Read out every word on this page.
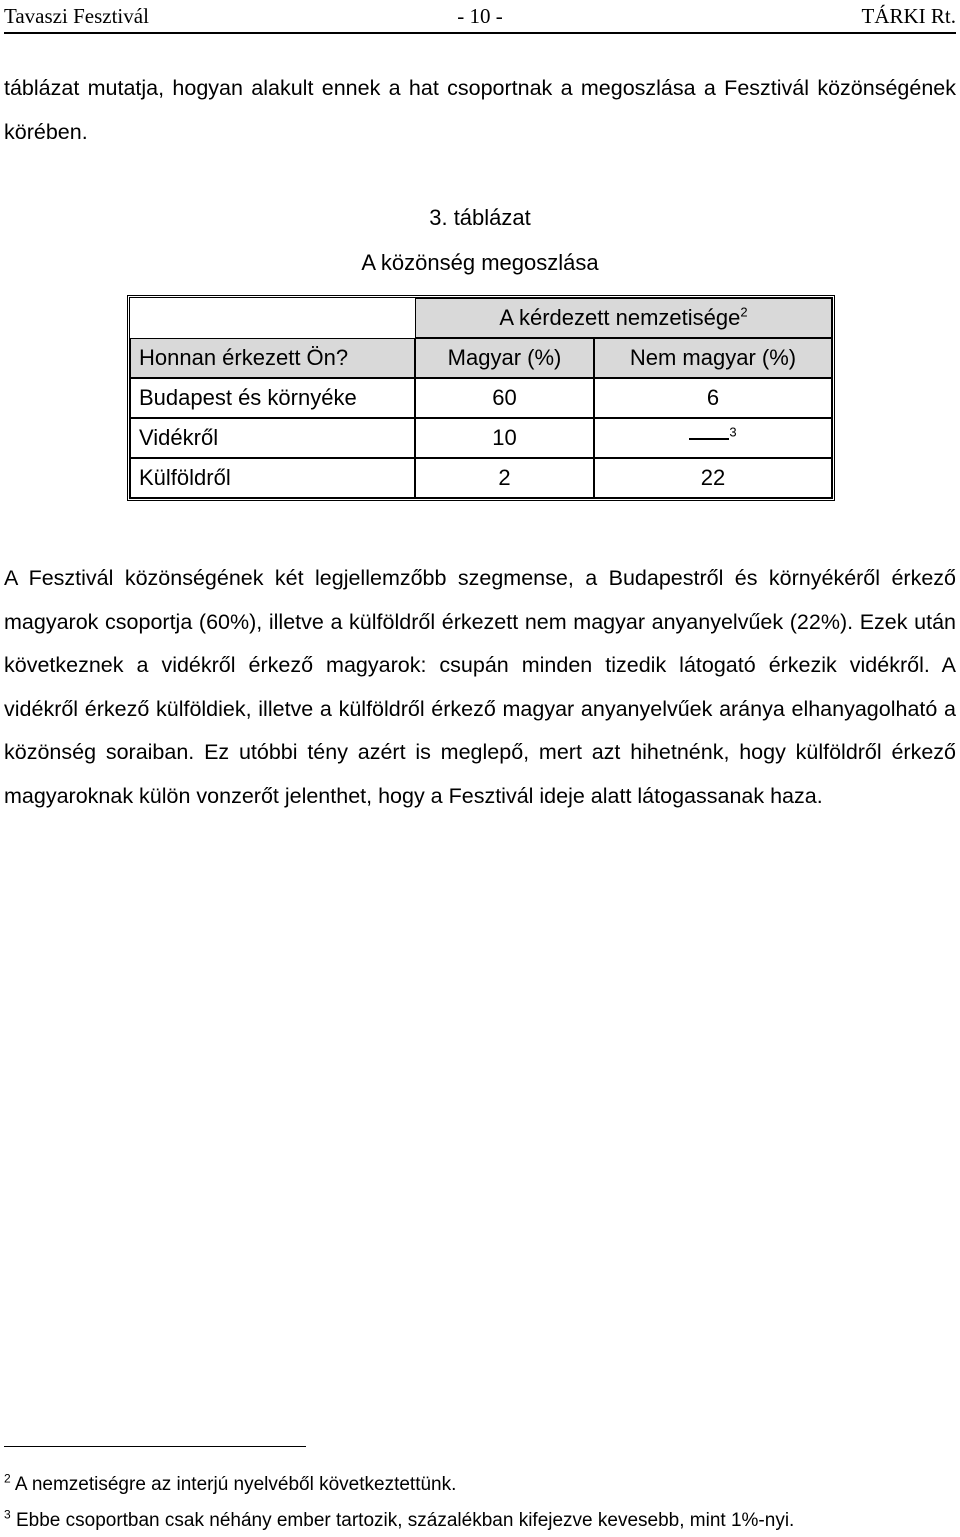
Tavaszi Fesztivál	- 10 -	TÁRKI Rt.

táblázat mutatja, hogyan alakult ennek a hat csoportnak a megoszlása a Fesztivál közönségének körében.

3. táblázat
A közönség megoszlása
	A kérdezett nemzetisége$^2$
Honnan érkezett Ön?	Magyar (%)	Nem magyar (%)
Budapest és környéke	60	6
Vidékről	10	$^3$
Külföldről	2	22

A Fesztivál közönségének két legjellemzőbb szegmense, a Budapestről és környékéről érkező magyarok csoportja (60%), illetve a külföldről érkezett nem magyar anyanyelvűek (22%). Ezek után következnek a vidékről érkező magyarok: csupán minden tizedik látogató érkezik vidékről. A vidékről érkező külföldiek, illetve a külföldről érkező magyar anyanyelvűek aránya elhanyagolható a közönség soraiban. Ez utóbbi tény azért is meglepő, mert azt hihetnénk, hogy külföldről érkező magyaroknak külön vonzerőt jelenthet, hogy a Fesztivál ideje alatt látogassanak haza.

$^2$ A nemzetiségre az interjú nyelvéből következtettünk.
$^3$ Ebbe csoportban csak néhány ember tartozik, százalékban kifejezve kevesebb, mint 1%-nyi.
